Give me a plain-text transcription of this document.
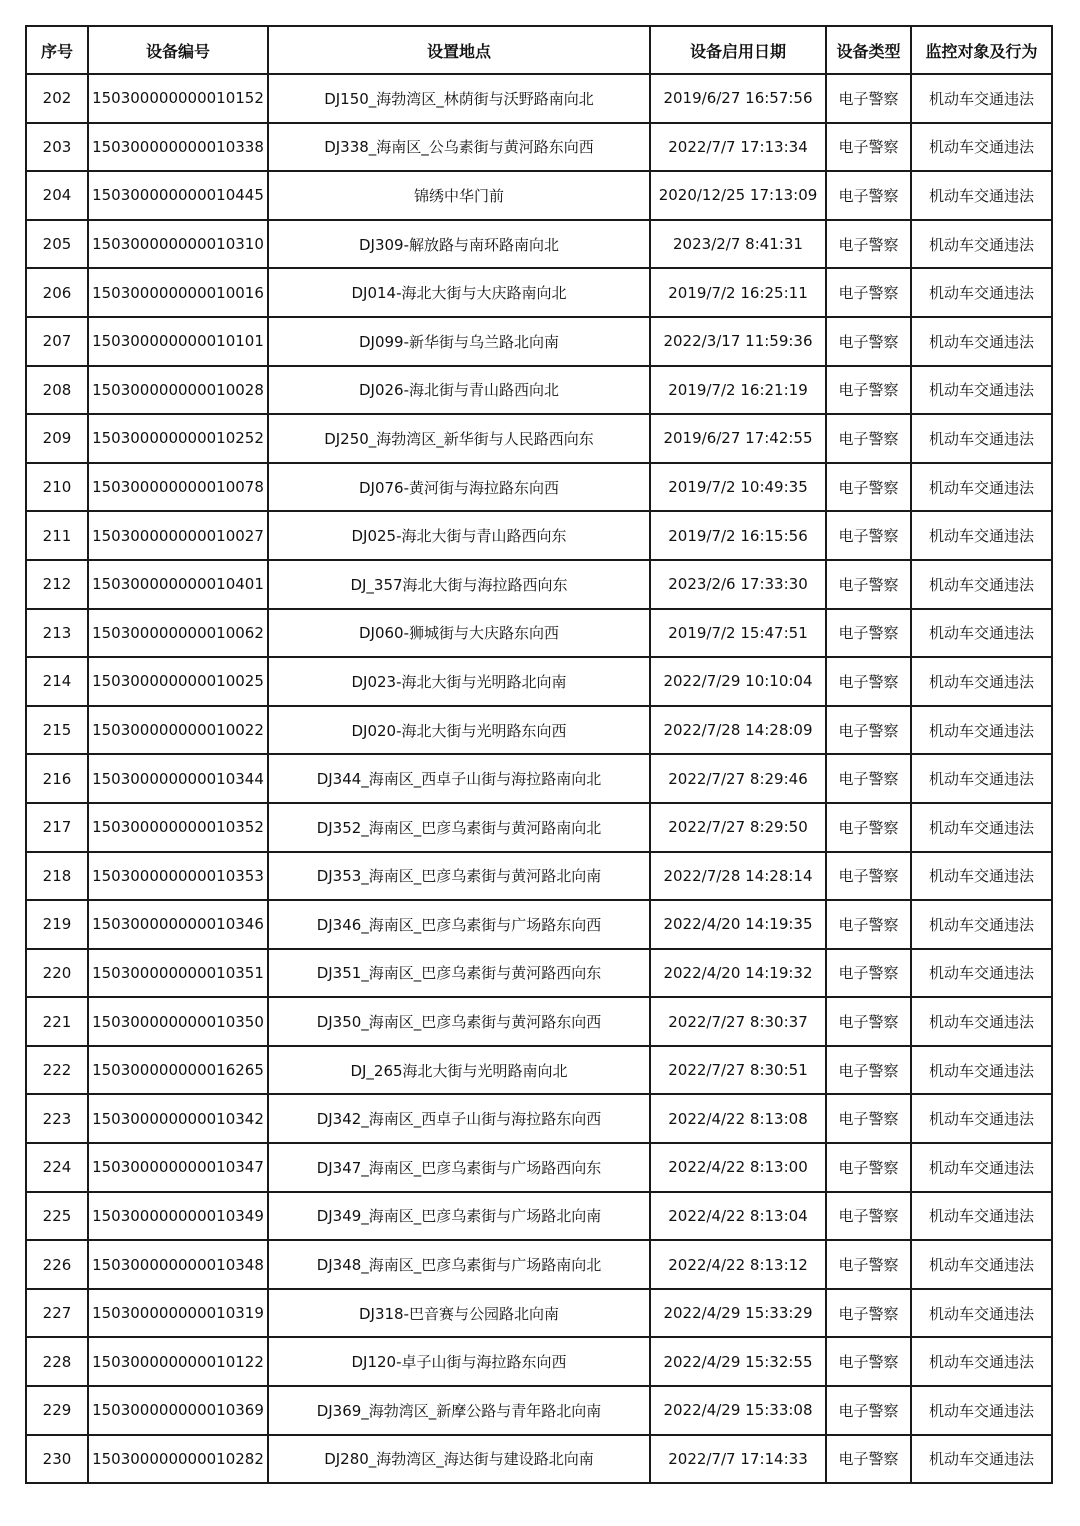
序号	设备编号	设置地点	设备启用日期	设备类型	监控对象及行为
202	150300000000010152	DJ150_海勃湾区_林荫街与沃野路南向北	2019/6/27 16:57:56	电子警察	机动车交通违法
203	150300000000010338	DJ338_海南区_公乌素街与黄河路东向西	2022/7/7 17:13:34	电子警察	机动车交通违法
204	150300000000010445	锦绣中华门前	2020/12/25 17:13:09	电子警察	机动车交通违法
205	150300000000010310	DJ309-解放路与南环路南向北	2023/2/7 8:41:31	电子警察	机动车交通违法
206	150300000000010016	DJ014-海北大街与大庆路南向北	2019/7/2 16:25:11	电子警察	机动车交通违法
207	150300000000010101	DJ099-新华街与乌兰路北向南	2022/3/17 11:59:36	电子警察	机动车交通违法
208	150300000000010028	DJ026-海北街与青山路西向北	2019/7/2 16:21:19	电子警察	机动车交通违法
209	150300000000010252	DJ250_海勃湾区_新华街与人民路西向东	2019/6/27 17:42:55	电子警察	机动车交通违法
210	150300000000010078	DJ076-黄河街与海拉路东向西	2019/7/2 10:49:35	电子警察	机动车交通违法
211	150300000000010027	DJ025-海北大街与青山路西向东	2019/7/2 16:15:56	电子警察	机动车交通违法
212	150300000000010401	DJ_357海北大街与海拉路西向东	2023/2/6 17:33:30	电子警察	机动车交通违法
213	150300000000010062	DJ060-狮城街与大庆路东向西	2019/7/2 15:47:51	电子警察	机动车交通违法
214	150300000000010025	DJ023-海北大街与光明路北向南	2022/7/29 10:10:04	电子警察	机动车交通违法
215	150300000000010022	DJ020-海北大街与光明路东向西	2022/7/28 14:28:09	电子警察	机动车交通违法
216	150300000000010344	DJ344_海南区_西卓子山街与海拉路南向北	2022/7/27 8:29:46	电子警察	机动车交通违法
217	150300000000010352	DJ352_海南区_巴彦乌素街与黄河路南向北	2022/7/27 8:29:50	电子警察	机动车交通违法
218	150300000000010353	DJ353_海南区_巴彦乌素街与黄河路北向南	2022/7/28 14:28:14	电子警察	机动车交通违法
219	150300000000010346	DJ346_海南区_巴彦乌素街与广场路东向西	2022/4/20 14:19:35	电子警察	机动车交通违法
220	150300000000010351	DJ351_海南区_巴彦乌素街与黄河路西向东	2022/4/20 14:19:32	电子警察	机动车交通违法
221	150300000000010350	DJ350_海南区_巴彦乌素街与黄河路东向西	2022/7/27 8:30:37	电子警察	机动车交通违法
222	150300000000016265	DJ_265海北大街与光明路南向北	2022/7/27 8:30:51	电子警察	机动车交通违法
223	150300000000010342	DJ342_海南区_西卓子山街与海拉路东向西	2022/4/22 8:13:08	电子警察	机动车交通违法
224	150300000000010347	DJ347_海南区_巴彦乌素街与广场路西向东	2022/4/22 8:13:00	电子警察	机动车交通违法
225	150300000000010349	DJ349_海南区_巴彦乌素街与广场路北向南	2022/4/22 8:13:04	电子警察	机动车交通违法
226	150300000000010348	DJ348_海南区_巴彦乌素街与广场路南向北	2022/4/22 8:13:12	电子警察	机动车交通违法
227	150300000000010319	DJ318-巴音赛与公园路北向南	2022/4/29 15:33:29	电子警察	机动车交通违法
228	150300000000010122	DJ120-卓子山街与海拉路东向西	2022/4/29 15:32:55	电子警察	机动车交通违法
229	150300000000010369	DJ369_海勃湾区_新摩公路与青年路北向南	2022/4/29 15:33:08	电子警察	机动车交通违法
230	150300000000010282	DJ280_海勃湾区_海达街与建设路北向南	2022/7/7 17:14:33	电子警察	机动车交通违法
